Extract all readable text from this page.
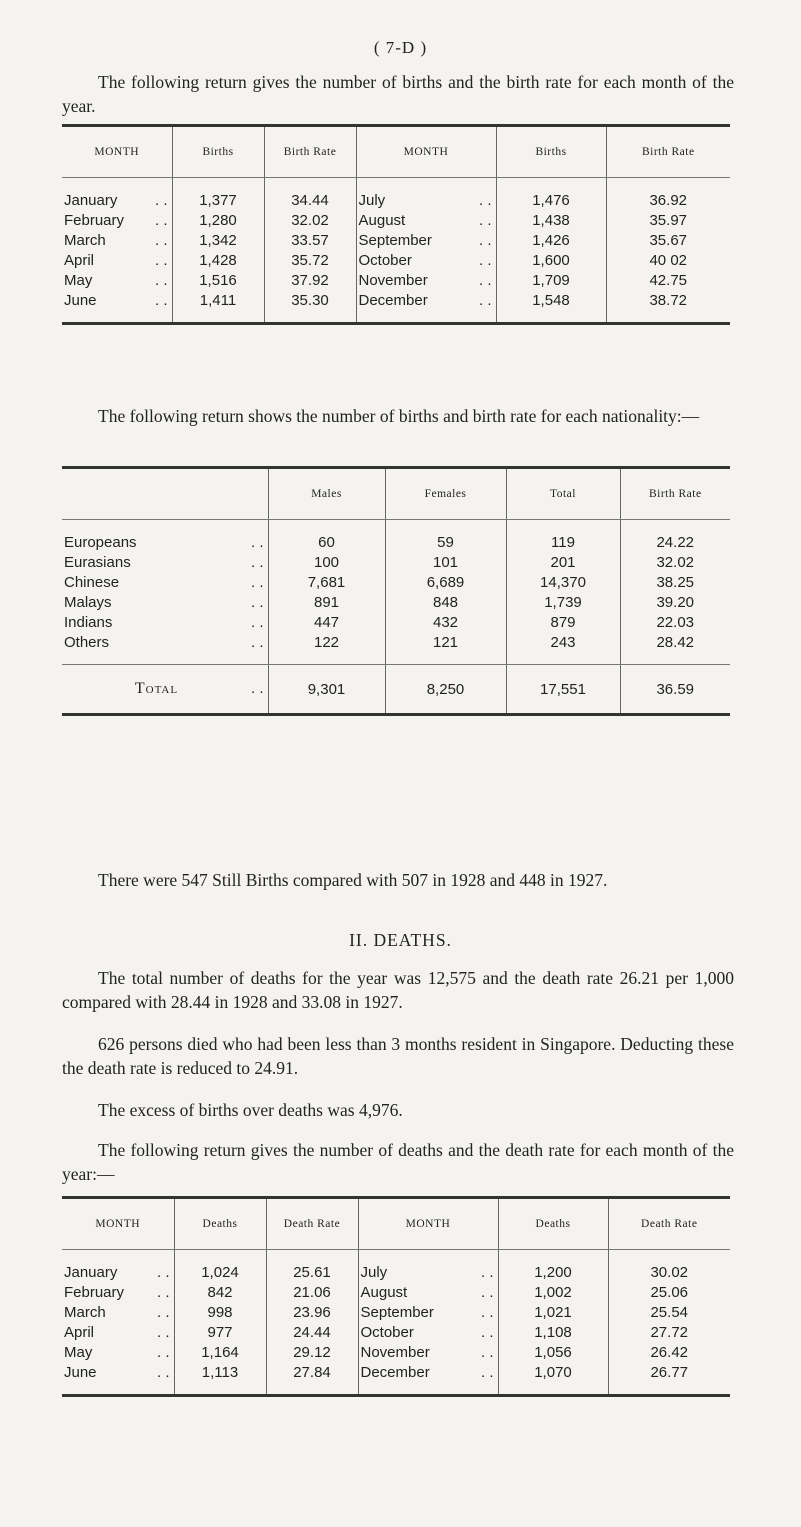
( 7-D )
The following return gives the number of births and the birth rate for each month of the year.
MONTH	Births	Birth Rate	MONTH	Births	Birth Rate
January . .	1,377	34.44	July . .	1,476	36.92
February . .	1,280	32.02	August . .	1,438	35.97
March . .	1,342	33.57	September . .	1,426	35.67
April . .	1,428	35.72	October . .	1,600	40 02
May . .	1,516	37.92	November . .	1,709	42.75
June . .	1,411	35.30	December . .	1,548	38.72
The following return shows the number of births and birth rate for each nationality:—
	Males	Females	Total	Birth Rate
Europeans . .	60	59	119	24.22
Eurasians . .	100	101	201	32.02
Chinese . .	7,681	6,689	14,370	38.25
Malays . .	891	848	1,739	39.20
Indians . .	447	432	879	22.03
Others . .	122	121	243	28.42
Total . .	9,301	8,250	17,551	36.59
There were 547 Still Births compared with 507 in 1928 and 448 in 1927.
II. DEATHS.
The total number of deaths for the year was 12,575 and the death rate 26.21 per 1,000 compared with 28.44 in 1928 and 33.08 in 1927.
626 persons died who had been less than 3 months resident in Singapore. Deducting these the death rate is reduced to 24.91.
The excess of births over deaths was 4,976.
The following return gives the number of deaths and the death rate for each month of the year:—
MONTH	Deaths	Death Rate	MONTH	Deaths	Death Rate
January . .	1,024	25.61	July . .	1,200	30.02
February . .	842	21.06	August . .	1,002	25.06
March . .	998	23.96	September . .	1,021	25.54
April . .	977	24.44	October . .	1,108	27.72
May . .	1,164	29.12	November . .	1,056	26.42
June . .	1,113	27.84	December . .	1,070	26.77
